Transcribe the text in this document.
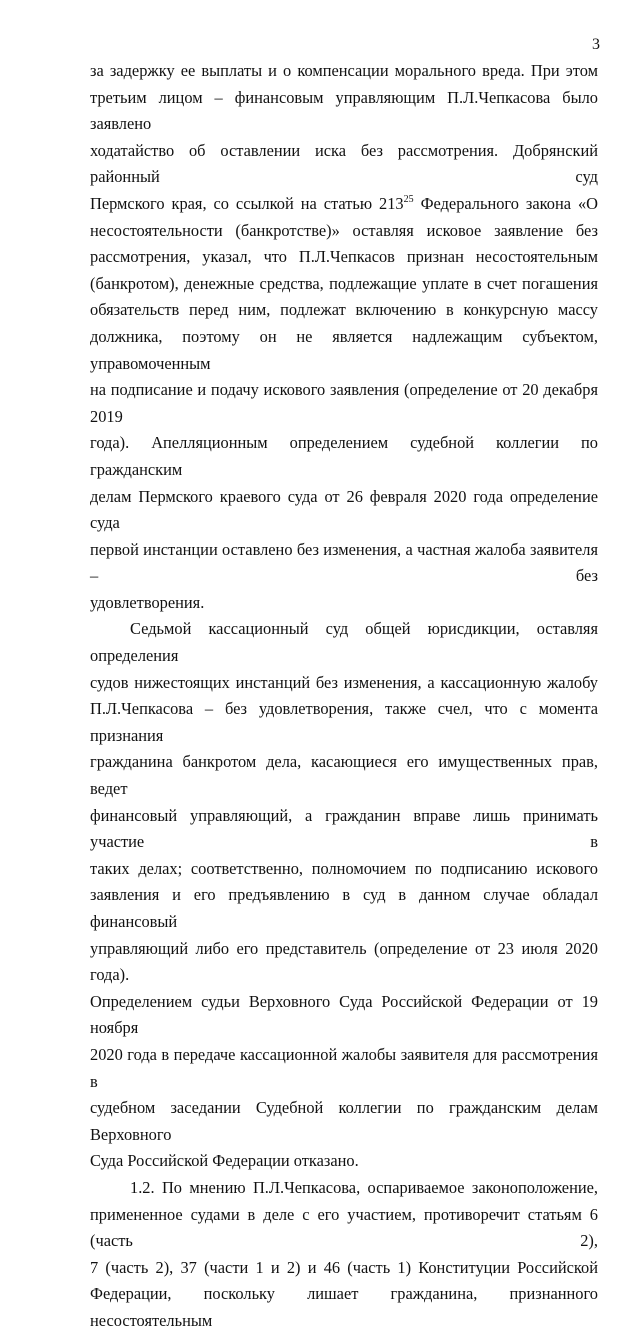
3

за задержку ее выплаты и о компенсации морального вреда. При этом
третьим лицом – финансовым управляющим П.Л.Чепкасова было заявлено
ходатайство об оставлении иска без рассмотрения. Добрянский районный суд
Пермского края, со ссылкой на статью $213^{25}$ Федерального закона «О
несостоятельности (банкротстве)» оставляя исковое заявление без
рассмотрения, указал, что П.Л.Чепкасов признан несостоятельным
(банкротом), денежные средства, подлежащие уплате в счет погашения
обязательств перед ним, подлежат включению в конкурсную массу
должника, поэтому он не является надлежащим субъектом, управомоченным
на подписание и подачу искового заявления (определение от 20 декабря 2019
года). Апелляционным определением судебной коллегии по гражданским
делам Пермского краевого суда от 26 февраля 2020 года определение суда
первой инстанции оставлено без изменения, а частная жалоба заявителя – без
удовлетворения.

Седьмой кассационный суд общей юрисдикции, оставляя определения
судов нижестоящих инстанций без изменения, а кассационную жалобу
П.Л.Чепкасова – без удовлетворения, также счел, что с момента признания
гражданина банкротом дела, касающиеся его имущественных прав, ведет
финансовый управляющий, а гражданин вправе лишь принимать участие в
таких делах; соответственно, полномочием по подписанию искового
заявления и его предъявлению в суд в данном случае обладал финансовый
управляющий либо его представитель (определение от 23 июля 2020 года).
Определением судьи Верховного Суда Российской Федерации от 19 ноября
2020 года в передаче кассационной жалобы заявителя для рассмотрения в
судебном заседании Судебной коллегии по гражданским делам Верховного
Суда Российской Федерации отказано.

1.2. По мнению П.Л.Чепкасова, оспариваемое законоположение,
примененное судами в деле с его участием, противоречит статьям 6 (часть 2),
7 (часть 2), 37 (части 1 и 2) и 46 (часть 1) Конституции Российской
Федерации, поскольку лишает гражданина, признанного несостоятельным
